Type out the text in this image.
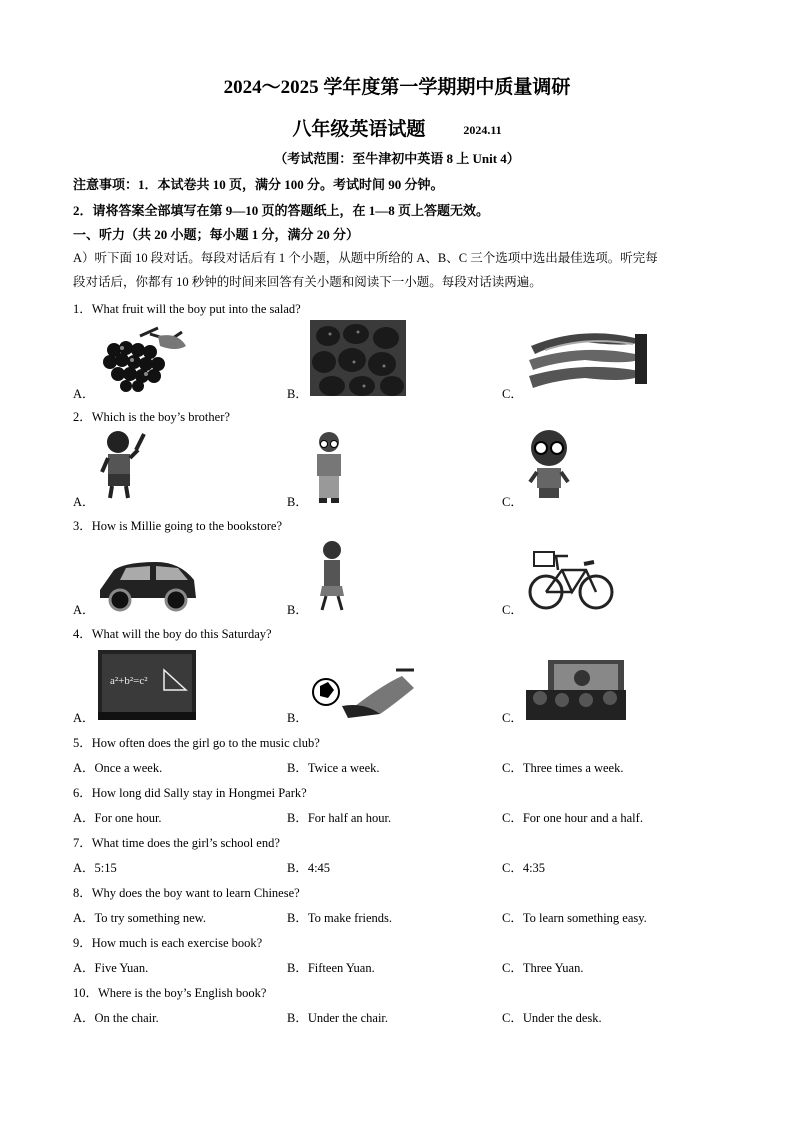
2024～2025 学年度第一学期期中质量调研
八年级英语试题	2024.11
（考试范围：至牛津初中英语 8 上 Unit 4）
注意事项：1．本试卷共 10 页，满分 100 分。考试时间 90 分钟。
2．请将答案全部填写在第 9—10 页的答题纸上，在 1—8 页上答题无效。
一、听力（共 20 小题；每小题 1 分，满分 20 分）
A）听下面 10 段对话。每段对话后有 1 个小题，从题中所给的 A、B、C 三个选项中选出最佳选项。听完每
段对话后，你都有 10 秒钟的时间来回答有关小题和阅读下一小题。每段对话读两遍。
1．What fruit will the boy put into the salad?
A．	B．	C．
2．Which is the boy’s brother?
A．	B．	C．
3．How is Millie going to the bookstore?
A．	B．	C．
4．What will the boy do this Saturday?
A．	B．	C．
a²+b²=c²
5．How often does the girl go to the music club?
A．Once a week.	B．Twice a week.	C．Three times a week.
6．How long did Sally stay in Hongmei Park?
A．For one hour.	B．For half an hour.	C．For one hour and a half.
7．What time does the girl’s school end?
A．5:15	B．4:45	C．4:35
8．Why does the boy want to learn Chinese?
A．To try something new.	B．To make friends.	C．To learn something easy.
9．How much is each exercise book?
A．Five Yuan.	B．Fifteen Yuan.	C．Three Yuan.
10．Where is the boy’s English book?
A．On the chair.	B．Under the chair.	C．Under the desk.
